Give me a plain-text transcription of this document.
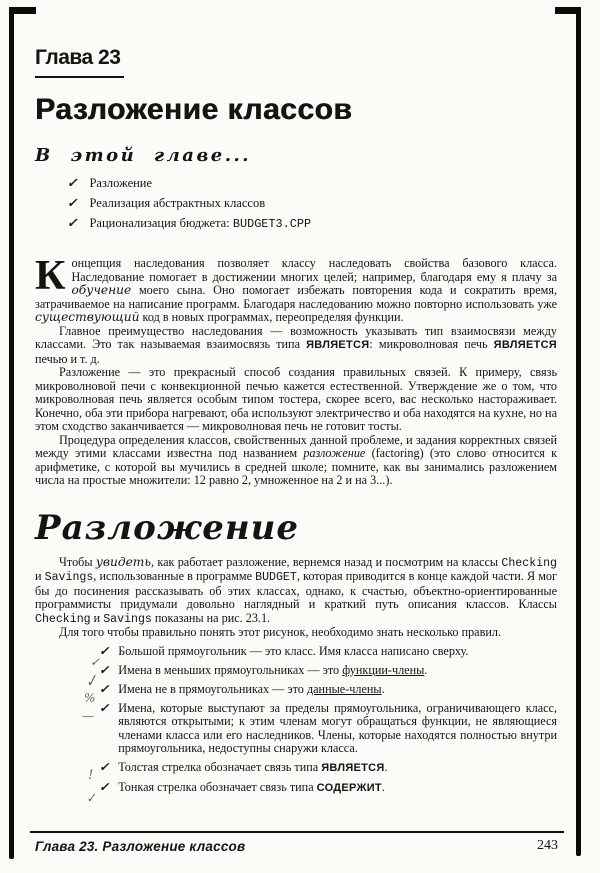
Глава 23
Разложение классов
В этой главе...
✓ Разложение
✓ Реализация абстрактных классов
✓ Рационализация бюджета: BUDGET3.CPP

Концепция наследования позволяет классу наследовать свойства базового класса. Наследование помогает в достижении многих целей; например, благодаря ему я плачу за обучение моего сына. Оно помогает избежать повторения кода и сократить время, затрачиваемое на написание программ. Благодаря наследованию можно повторно использовать уже существующий код в новых программах, переопределяя функции.

Главное преимущество наследования — возможность указывать тип взаимосвязи между классами. Это так называемая взаимосвязь типа ЯВЛЯЕТСЯ: микроволновая печь ЯВЛЯЕТСЯ печью и т. д.

Разложение — это прекрасный способ создания правильных связей. К примеру, связь микроволновой печи с конвекционной печью кажется естественной. Утверждение же о том, что микроволновая печь является особым типом тостера, скорее всего, вас несколько настораживает. Конечно, оба эти прибора нагревают, оба используют электричество и оба находятся на кухне, но на этом сходство заканчивается — микроволновая печь не готовит тосты.

Процедура определения классов, свойственных данной проблеме, и задания корректных связей между этими классами известна под названием разложение (factoring) (это слово относится к арифметике, с которой вы мучились в средней школе; помните, как вы занимались разложением числа на простые множители: 12 равно 2, умноженное на 2 и на 3...).

Разложение

Чтобы увидеть, как работает разложение, вернемся назад и посмотрим на классы Checking и Savings, использованные в программе BUDGET, которая приводится в конце каждой части. Я мог бы до посинения рассказывать об этих классах, однако, к счастью, объектно-ориентированные программисты придумали довольно наглядный и краткий путь описания классов. Классы Checking и Savings показаны на рис. 23.1.

Для того чтобы правильно понять этот рисунок, необходимо знать несколько правил.

✓ Большой прямоугольник — это класс. Имя класса написано сверху.
✓ Имена в меньших прямоугольниках — это функции-члены.
✓ Имена не в прямоугольниках — это данные-члены.
✓ Имена, которые выступают за пределы прямоугольника, ограничивающего класс, являются открытыми; к этим членам могут обращаться функции, не являющиеся членами класса или его наследников. Члены, которые находятся полностью внутри прямоугольника, недоступны снаружи класса.
✓ Толстая стрелка обозначает связь типа ЯВЛЯЕТСЯ.
✓ Тонкая стрелка обозначает связь типа СОДЕРЖИТ.
✓
✓
%
—
!
✓
Глава 23. Разложение классов	243
